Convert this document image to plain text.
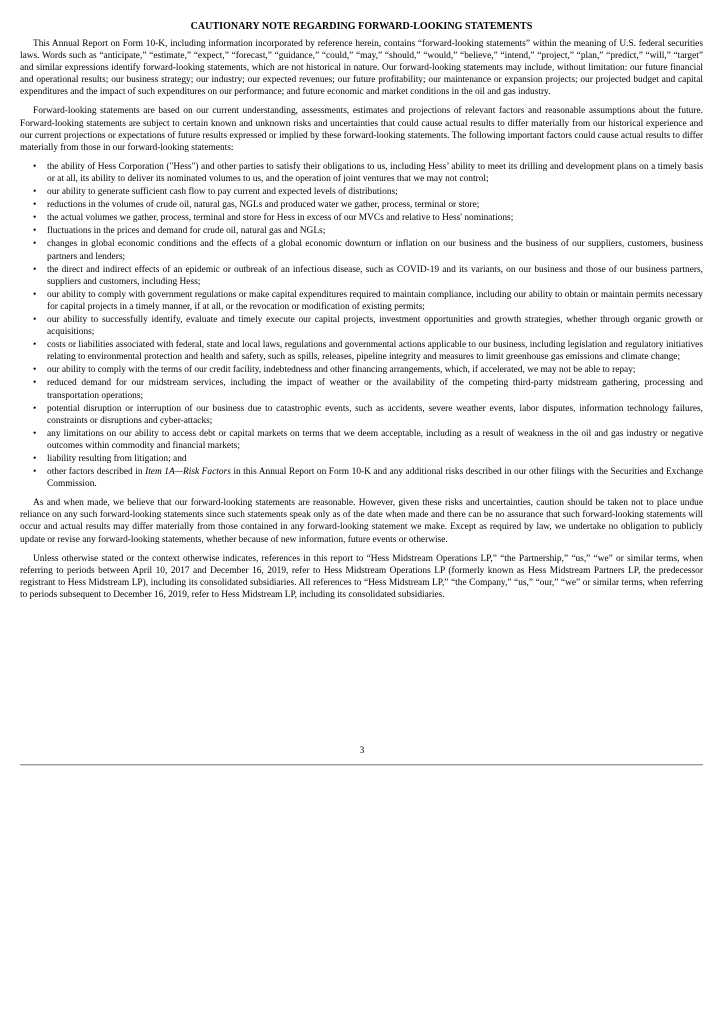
CAUTIONARY NOTE REGARDING FORWARD-LOOKING STATEMENTS

This Annual Report on Form 10-K, including information incorporated by reference herein, contains “forward-looking statements” within the meaning of U.S. federal securities laws. Words such as “anticipate,” “estimate,” “expect,” “forecast,” “guidance,” “could,” “may,” “should,” “would,” “believe,” “intend,” “project,” “plan,” “predict,” “will,” “target” and similar expressions identify forward-looking statements, which are not historical in nature. Our forward-looking statements may include, without limitation: our future financial and operational results; our business strategy; our industry; our expected revenues; our future profitability; our maintenance or expansion projects; our projected budget and capital expenditures and the impact of such expenditures on our performance; and future economic and market conditions in the oil and gas industry.

Forward-looking statements are based on our current understanding, assessments, estimates and projections of relevant factors and reasonable assumptions about the future. Forward-looking statements are subject to certain known and unknown risks and uncertainties that could cause actual results to differ materially from our historical experience and our current projections or expectations of future results expressed or implied by these forward-looking statements. The following important factors could cause actual results to differ materially from those in our forward-looking statements:

• the ability of Hess Corporation ("Hess") and other parties to satisfy their obligations to us, including Hess’ ability to meet its drilling and development plans on a timely basis or at all, its ability to deliver its nominated volumes to us, and the operation of joint ventures that we may not control;
• our ability to generate sufficient cash flow to pay current and expected levels of distributions;
• reductions in the volumes of crude oil, natural gas, NGLs and produced water we gather, process, terminal or store;
• the actual volumes we gather, process, terminal and store for Hess in excess of our MVCs and relative to Hess' nominations;
• fluctuations in the prices and demand for crude oil, natural gas and NGLs;
• changes in global economic conditions and the effects of a global economic downturn or inflation on our business and the business of our suppliers, customers, business partners and lenders;
• the direct and indirect effects of an epidemic or outbreak of an infectious disease, such as COVID-19 and its variants, on our business and those of our business partners, suppliers and customers, including Hess;
• our ability to comply with government regulations or make capital expenditures required to maintain compliance, including our ability to obtain or maintain permits necessary for capital projects in a timely manner, if at all, or the revocation or modification of existing permits;
• our ability to successfully identify, evaluate and timely execute our capital projects, investment opportunities and growth strategies, whether through organic growth or acquisitions;
• costs or liabilities associated with federal, state and local laws, regulations and governmental actions applicable to our business, including legislation and regulatory initiatives relating to environmental protection and health and safety, such as spills, releases, pipeline integrity and measures to limit greenhouse gas emissions and climate change;
• our ability to comply with the terms of our credit facility, indebtedness and other financing arrangements, which, if accelerated, we may not be able to repay;
• reduced demand for our midstream services, including the impact of weather or the availability of the competing third-party midstream gathering, processing and transportation operations;
• potential disruption or interruption of our business due to catastrophic events, such as accidents, severe weather events, labor disputes, information technology failures, constraints or disruptions and cyber-attacks;
• any limitations on our ability to access debt or capital markets on terms that we deem acceptable, including as a result of weakness in the oil and gas industry or negative outcomes within commodity and financial markets;
• liability resulting from litigation; and
• other factors described in Item 1A—Risk Factors in this Annual Report on Form 10-K and any additional risks described in our other filings with the Securities and Exchange Commission.

As and when made, we believe that our forward-looking statements are reasonable. However, given these risks and uncertainties, caution should be taken not to place undue reliance on any such forward-looking statements since such statements speak only as of the date when made and there can be no assurance that such forward-looking statements will occur and actual results may differ materially from those contained in any forward-looking statement we make. Except as required by law, we undertake no obligation to publicly update or revise any forward-looking statements, whether because of new information, future events or otherwise.

Unless otherwise stated or the context otherwise indicates, references in this report to “Hess Midstream Operations LP,” “the Partnership,” “us,” “we” or similar terms, when referring to periods between April 10, 2017 and December 16, 2019, refer to Hess Midstream Operations LP (formerly known as Hess Midstream Partners LP, the predecessor registrant to Hess Midstream LP), including its consolidated subsidiaries. All references to “Hess Midstream LP,” “the Company,” “us,” “our,” “we” or similar terms, when referring to periods subsequent to December 16, 2019, refer to Hess Midstream LP, including its consolidated subsidiaries.

3
